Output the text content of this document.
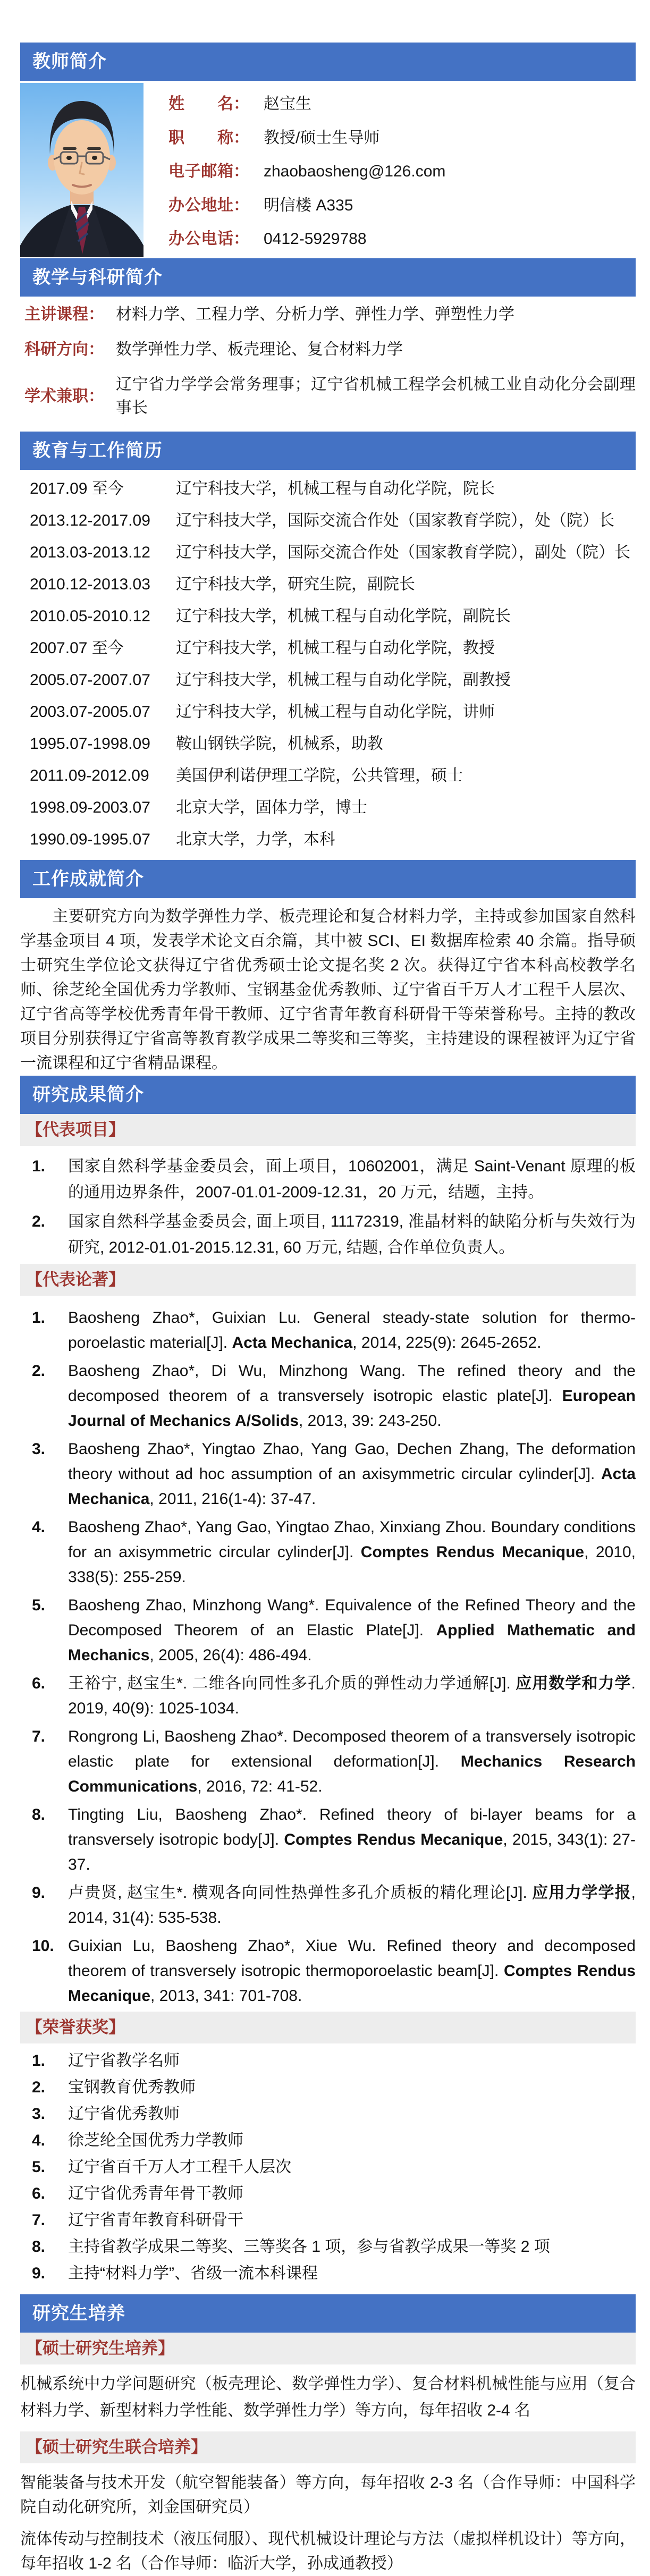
教师简介
姓名： 赵宝生
职称： 教授/硕士生导师
电子邮箱： zhaobaosheng@126.com
办公地址： 明信楼 A335
办公电话： 0412-5929788
教学与科研简介
主讲课程： 材料力学、工程力学、分析力学、弹性力学、弹塑性力学
科研方向： 数学弹性力学、板壳理论、复合材料力学
学术兼职：
辽宁省力学学会常务理事；辽宁省机械工程学会机械工业自动化分会副理事长
教育与工作简历
2017.09 至今	辽宁科技大学，机械工程与自动化学院，院长
2013.12-2017.09	辽宁科技大学，国际交流合作处（国家教育学院），处（院）长
2013.03-2013.12	辽宁科技大学，国际交流合作处（国家教育学院），副处（院）长
2010.12-2013.03	辽宁科技大学，研究生院，副院长
2010.05-2010.12	辽宁科技大学，机械工程与自动化学院，副院长
2007.07 至今	辽宁科技大学，机械工程与自动化学院，教授
2005.07-2007.07	辽宁科技大学，机械工程与自动化学院，副教授
2003.07-2005.07	辽宁科技大学，机械工程与自动化学院，讲师
1995.07-1998.09	鞍山钢铁学院，机械系，助教
2011.09-2012.09	美国伊利诺伊理工学院，公共管理，硕士
1998.09-2003.07	北京大学，固体力学，博士
1990.09-1995.07	北京大学，力学，本科
工作成就简介

主要研究方向为数学弹性力学、板壳理论和复合材料力学，主持或参加国家自然科学基金项目 4 项，发表学术论文百余篇，其中被 SCI、EI 数据库检索 40 余篇。指导硕士研究生学位论文获得辽宁省优秀硕士论文提名奖 2 次。获得辽宁省本科高校教学名师、徐芝纶全国优秀力学教师、宝钢基金优秀教师、辽宁省百千万人才工程千人层次、辽宁省高等学校优秀青年骨干教师、辽宁省青年教育科研骨干等荣誉称号。主持的教改项目分别获得辽宁省高等教育教学成果二等奖和三等奖，主持建设的课程被评为辽宁省一流课程和辽宁省精品课程。

研究成果简介
【代表项目】
1.	国家自然科学基金委员会，面上项目，10602001，满足 Saint-Venant 原理的板的通用边界条件，2007-01.01-2009-12.31，20 万元，结题，主持。
2.	国家自然科学基金委员会, 面上项目, 11172319, 准晶材料的缺陷分析与失效行为研究, 2012-01.01-2015.12.31, 60 万元, 结题, 合作单位负责人。
【代表论著】
1.	Baosheng Zhao*, Guixian Lu. General steady-state solution for thermo-poroelastic material[J]. Acta Mechanica, 2014, 225(9): 2645-2652.
2.	Baosheng Zhao*, Di Wu, Minzhong Wang. The refined theory and the decomposed theorem of a transversely isotropic elastic plate[J]. European Journal of Mechanics A/Solids, 2013, 39: 243-250.
3.	Baosheng Zhao*, Yingtao Zhao, Yang Gao, Dechen Zhang, The deformation theory without ad hoc assumption of an axisymmetric circular cylinder[J]. Acta Mechanica, 2011, 216(1-4): 37-47.
4.	Baosheng Zhao*, Yang Gao, Yingtao Zhao, Xinxiang Zhou. Boundary conditions for an axisymmetric circular cylinder[J]. Comptes Rendus Mecanique, 2010, 338(5): 255-259.
5.	Baosheng Zhao, Minzhong Wang*. Equivalence of the Refined Theory and the Decomposed Theorem of an Elastic Plate[J]. Applied Mathematic and Mechanics, 2005, 26(4): 486-494.
6.	王裕宁, 赵宝生*. 二维各向同性多孔介质的弹性动力学通解[J]. 应用数学和力学. 2019, 40(9): 1025-1034.
7.	Rongrong Li, Baosheng Zhao*. Decomposed theorem of a transversely isotropic elastic plate for extensional deformation[J]. Mechanics Research Communications, 2016, 72: 41-52.
8.	Tingting Liu, Baosheng Zhao*. Refined theory of bi-layer beams for a transversely isotropic body[J]. Comptes Rendus Mecanique, 2015, 343(1): 27-37.
9.	卢贵贤, 赵宝生*. 横观各向同性热弹性多孔介质板的精化理论[J]. 应用力学学报, 2014, 31(4): 535-538.
10. Guixian Lu, Baosheng Zhao*, Xiue Wu. Refined theory and decomposed theorem of transversely isotropic thermoporoelastic beam[J]. Comptes Rendus Mecanique, 2013, 341: 701-708.
【荣誉获奖】
1.	辽宁省教学名师
2.	宝钢教育优秀教师
3.	辽宁省优秀教师
4.	徐芝纶全国优秀力学教师
5.	辽宁省百千万人才工程千人层次
6.	辽宁省优秀青年骨干教师
7.	辽宁省青年教育科研骨干
8.	主持省教学成果二等奖、三等奖各 1 项，参与省教学成果一等奖 2 项
9.	主持“材料力学”、省级一流本科课程
研究生培养
【硕士研究生培养】

机械系统中力学问题研究（板壳理论、数学弹性力学）、复合材料机械性能与应用（复合材料力学、新型材料力学性能、数学弹性力学）等方向，每年招收 2-4 名

【硕士研究生联合培养】

智能装备与技术开发（航空智能装备）等方向，每年招收 2-3 名（合作导师：中国科学院自动化研究所，刘金国研究员）

流体传动与控制技术（液压伺服）、现代机械设计理论与方法（虚拟样机设计）等方向，每年招收 1-2 名（合作导师：临沂大学，孙成通教授）
